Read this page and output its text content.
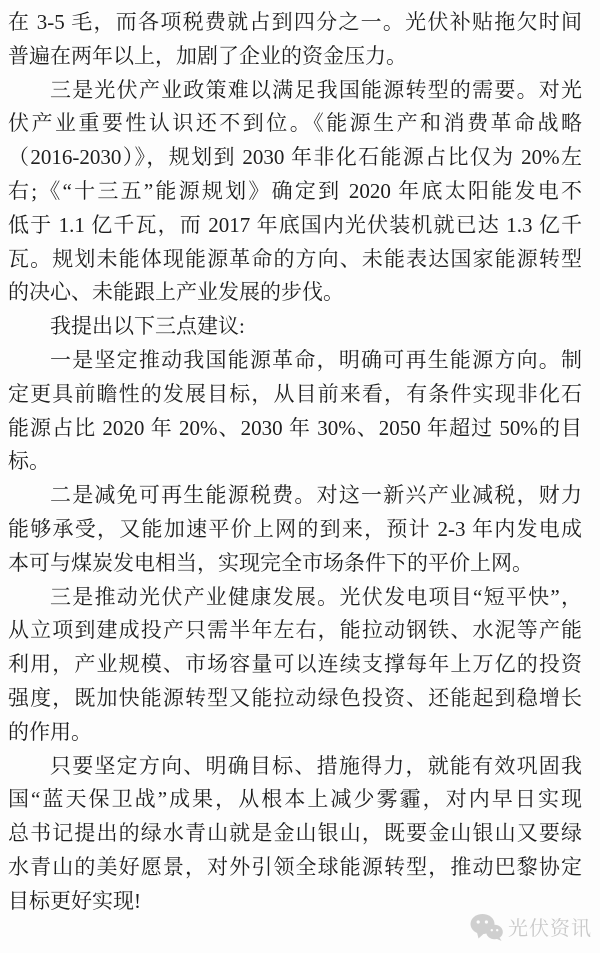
在 3-5 毛，而各项税费就占到四分之一。光伏补贴拖欠时间
普遍在两年以上，加剧了企业的资金压力。
三是光伏产业政策难以满足我国能源转型的需要。对光
伏产业重要性认识还不到位。《能源生产和消费革命战略
（2016-2030）》，规划到 2030 年非化石能源占比仅为 20%左
右;《“十三五”能源规划》确定到 2020 年底太阳能发电不
低于 1.1 亿千瓦，而 2017 年底国内光伏装机就已达 1.3 亿千
瓦。规划未能体现能源革命的方向、未能表达国家能源转型
的决心、未能跟上产业发展的步伐。
我提出以下三点建议:
一是坚定推动我国能源革命，明确可再生能源方向。制
定更具前瞻性的发展目标，从目前来看，有条件实现非化石
能源占比 2020 年 20%、2030 年 30%、2050 年超过 50%的目
标。
二是减免可再生能源税费。对这一新兴产业减税，财力
能够承受，又能加速平价上网的到来，预计 2-3 年内发电成
本可与煤炭发电相当，实现完全市场条件下的平价上网。
三是推动光伏产业健康发展。光伏发电项目“短平快”，
从立项到建成投产只需半年左右，能拉动钢铁、水泥等产能
利用，产业规模、市场容量可以连续支撑每年上万亿的投资
强度，既加快能源转型又能拉动绿色投资、还能起到稳增长
的作用。
只要坚定方向、明确目标、措施得力，就能有效巩固我
国“蓝天保卫战”成果，从根本上减少雾霾，对内早日实现
总书记提出的绿水青山就是金山银山，既要金山银山又要绿
水青山的美好愿景，对外引领全球能源转型，推动巴黎协定
目标更好实现!
光伏资讯
